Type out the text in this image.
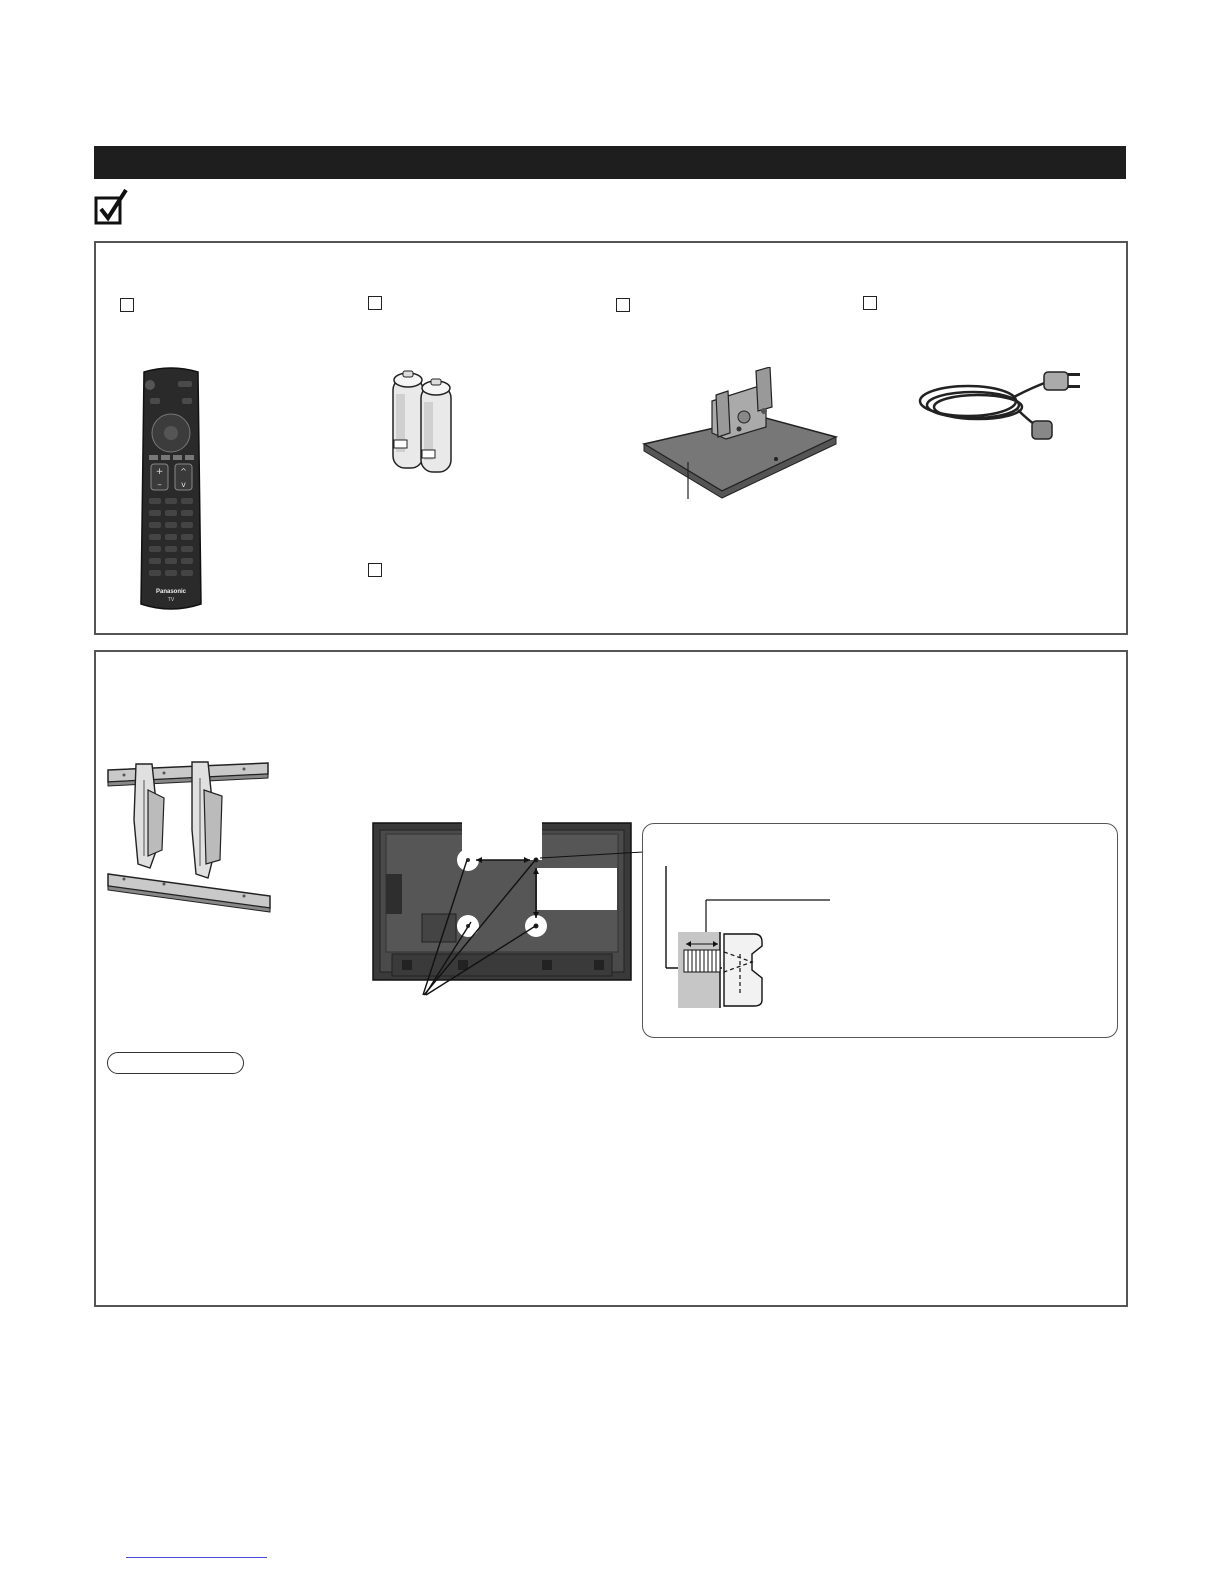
+
–
^
v
Panasonic
TV
